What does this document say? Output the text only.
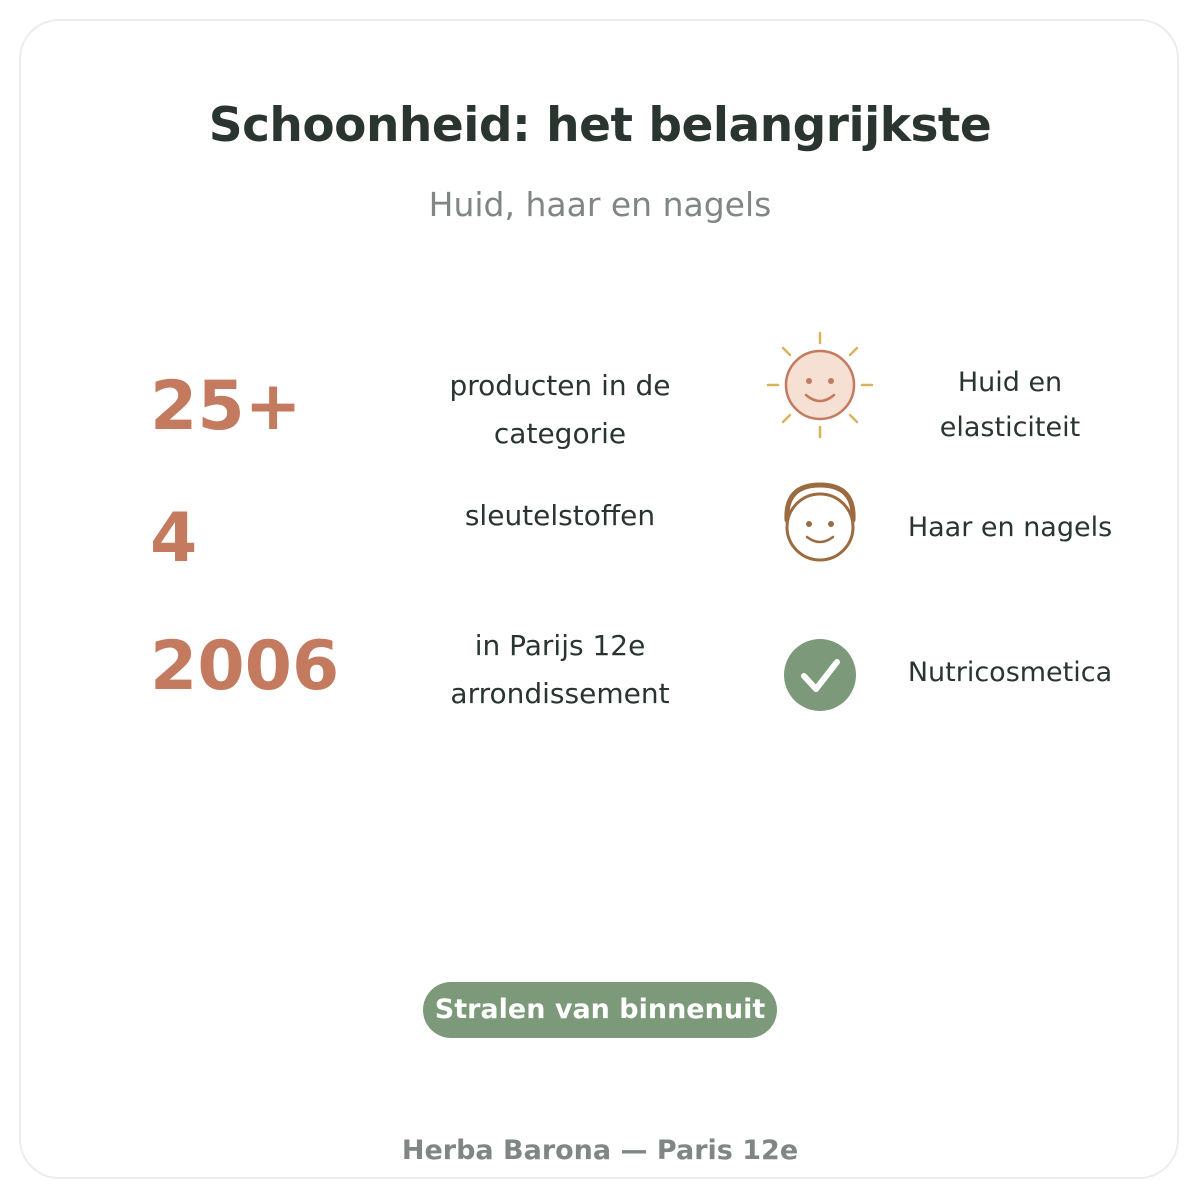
Schoonheid: het belangrijkste
Huid, haar en nagels
25+	producten in de categorie
4	sleutelstoffen
2006	in Parijs 12e arrondissement
Huid en elasticiteit
Haar en nagels
Nutricosmetica
Stralen van binnenuit
Herba Barona — Paris 12e
